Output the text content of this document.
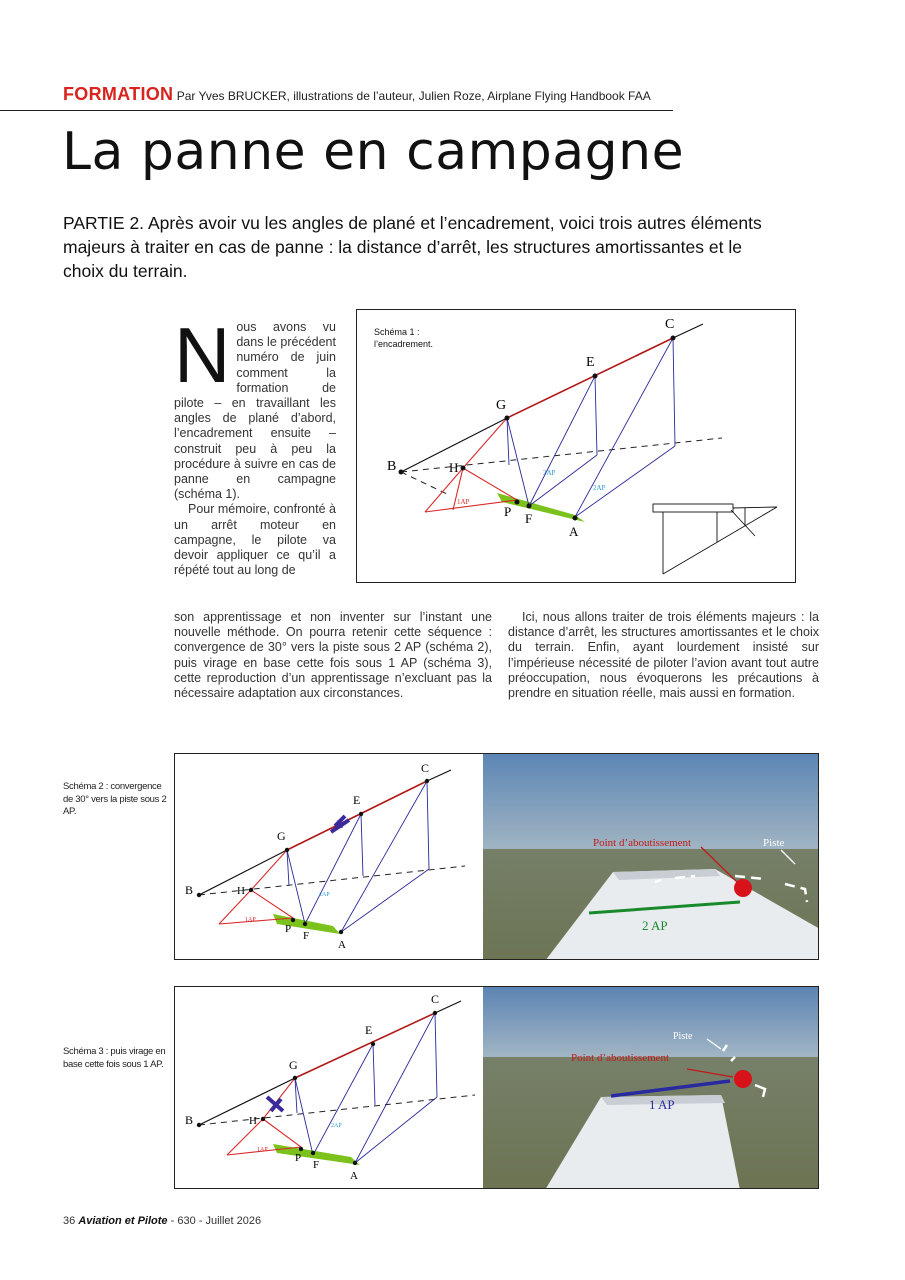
FORMATION Par Yves BRUCKER, illustrations de l’auteur, Julien Roze, Airplane Flying Handbook FAA
La panne en campagne
PARTIE 2. Après avoir vu les angles de plané et l’encadrement, voici trois autres éléments majeurs à traiter en cas de panne : la distance d’arrêt, les structures amortissantes et le choix du terrain.

Nous avons vu dans le précédent numéro de juin comment la formation de pilote – en travaillant les angles de plané d’abord, l’encadrement ensuite – construit peu à peu la procédure à suivre en cas de panne en campagne (schéma 1).

Pour mémoire, confronté à un arrêt moteur en campagne, le pilote va devoir appliquer ce qu’il a répété tout au long de

son apprentissage et non inventer sur l’instant une nouvelle méthode. On pourra retenir cette séquence : convergence de 30° vers la piste sous 2 AP (schéma 2), puis virage en base cette fois sous 1 AP (schéma 3), cette reproduction d’un apprentissage n’excluant pas la nécessaire adaptation aux circonstances.
Ici, nous allons traiter de trois éléments majeurs : la distance d’arrêt, les structures amortissantes et le choix du terrain. Enfin, ayant lourdement insisté sur l’impérieuse nécessité de piloter l’avion avant tout autre préoccupation, nous évoquerons les précautions à prendre en situation réelle, mais aussi en formation.
B	H
G
E
C
P F
A
1AP
2AP
2AP
Schéma 1 : l’encadrement.
Schéma 2 : convergence de 30° vers la piste sous 2 AP.
B	H
G
E
C
P
F
A
1AP
2AP
Point d’aboutissement	Piste
2 AP
Schéma 3 : puis virage en base cette fois sous 1 AP.
B	H
G
E
C
P
F
A
1AP
2AP
Piste
Point d’aboutissement
1 AP
36 Aviation et Pilote - 630 - Juillet 2026
